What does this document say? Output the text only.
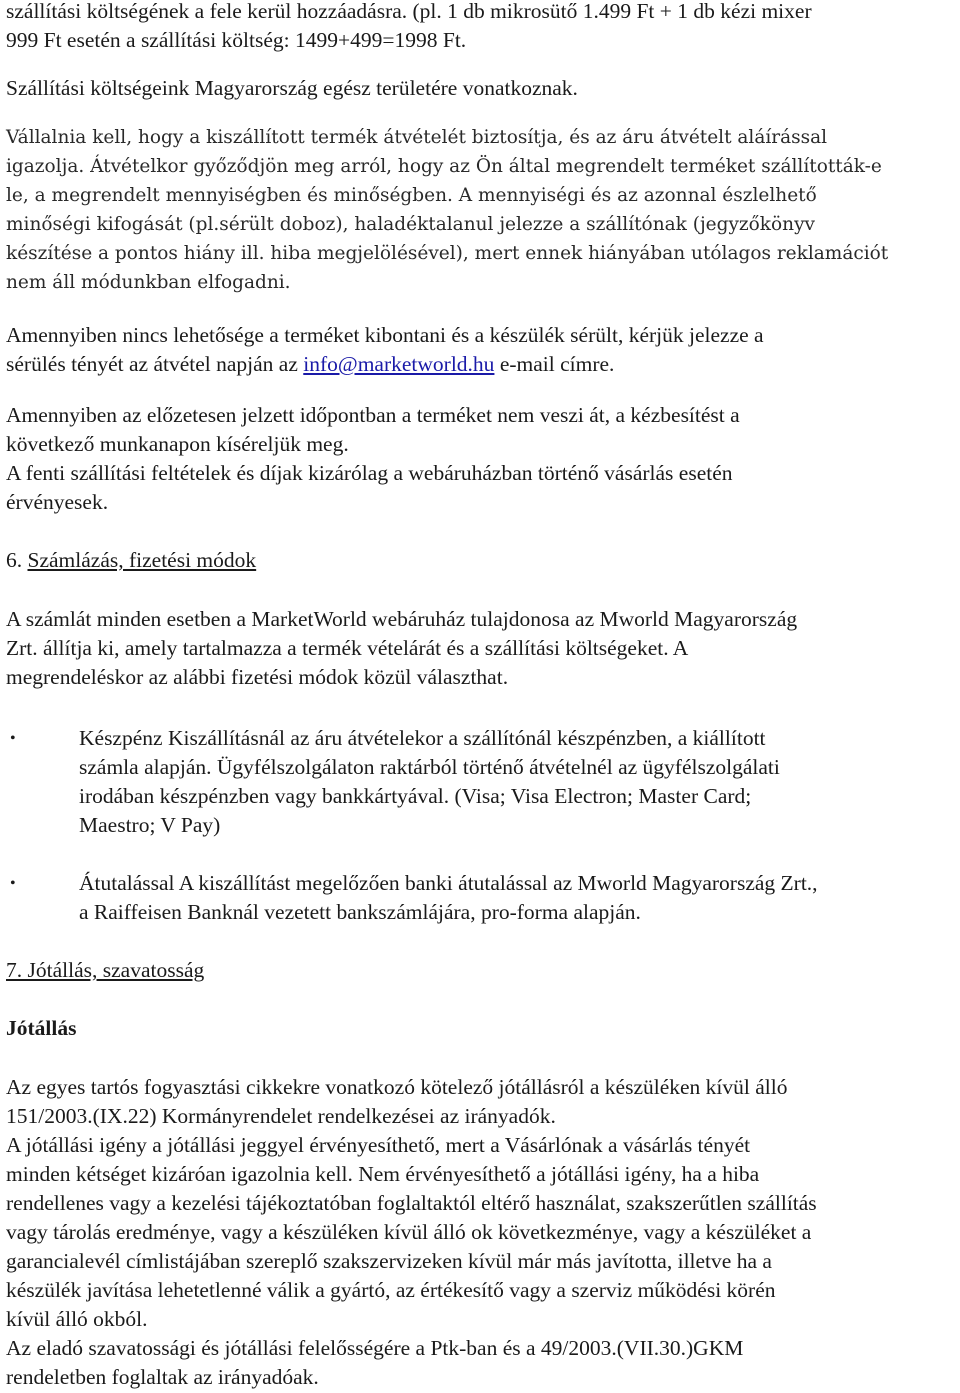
szállítási költségének a fele kerül hozzáadásra. (pl. 1 db mikrosütő 1.499 Ft + 1 db kézi mixer
999 Ft esetén a szállítási költség: 1499+499=1998 Ft.
Szállítási költségeink Magyarország egész területére vonatkoznak.
Vállalnia kell, hogy a kiszállított termék átvételét biztosítja, és az áru átvételt aláírással
igazolja. Átvételkor győződjön meg arról, hogy az Ön által megrendelt terméket szállították-e
le, a megrendelt mennyiségben és minőségben. A mennyiségi és az azonnal észlelhető
minőségi kifogását (pl.sérült doboz), haladéktalanul jelezze a szállítónak (jegyzőkönyv
készítése a pontos hiány ill. hiba megjelölésével), mert ennek hiányában utólagos reklamációt
nem áll módunkban elfogadni.
Amennyiben nincs lehetősége a terméket kibontani és a készülék sérült, kérjük jelezze a
sérülés tényét az átvétel napján az info@marketworld.hu e-mail címre.
Amennyiben az előzetesen jelzett időpontban a terméket nem veszi át, a kézbesítést a
következő munkanapon kíséreljük meg.
A fenti szállítási feltételek és díjak kizárólag a webáruházban történő vásárlás esetén
érvényesek.
6. Számlázás, fizetési módok
A számlát minden esetben a MarketWorld webáruház tulajdonosa az Mworld Magyarország
Zrt. állítja ki, amely tartalmazza a termék vételárát és a szállítási költségeket. A
megrendeléskor az alábbi fizetési módok közül választhat.
•	Készpénz Kiszállításnál az áru átvételekor a szállítónál készpénzben, a kiállított
számla alapján. Ügyfélszolgálaton raktárból történő átvételnél az ügyfélszolgálati
irodában készpénzben vagy bankkártyával. (Visa; Visa Electron; Master Card;
Maestro; V Pay)
•	Átutalással A kiszállítást megelőzően banki átutalással az Mworld Magyarország Zrt.,
a Raiffeisen Banknál vezetett bankszámlájára, pro-forma alapján.
7. Jótállás, szavatosság
Jótállás
Az egyes tartós fogyasztási cikkekre vonatkozó kötelező jótállásról a készüléken kívül álló
151/2003.(IX.22) Kormányrendelet rendelkezései az irányadók.
A jótállási igény a jótállási jeggyel érvényesíthető, mert a Vásárlónak a vásárlás tényét
minden kétséget kizáróan igazolnia kell. Nem érvényesíthető a jótállási igény, ha a hiba
rendellenes vagy a kezelési tájékoztatóban foglaltaktól eltérő használat, szakszerűtlen szállítás
vagy tárolás eredménye, vagy a készüléken kívül álló ok következménye, vagy a készüléket a
garancialevél címlistájában szereplő szakszervizeken kívül már más javította, illetve ha a
készülék javítása lehetetlenné válik a gyártó, az értékesítő vagy a szerviz működési körén
kívül álló okból.
Az eladó szavatossági és jótállási felelősségére a Ptk-ban és a 49/2003.(VII.30.)GKM
rendeletben foglaltak az irányadóak.
